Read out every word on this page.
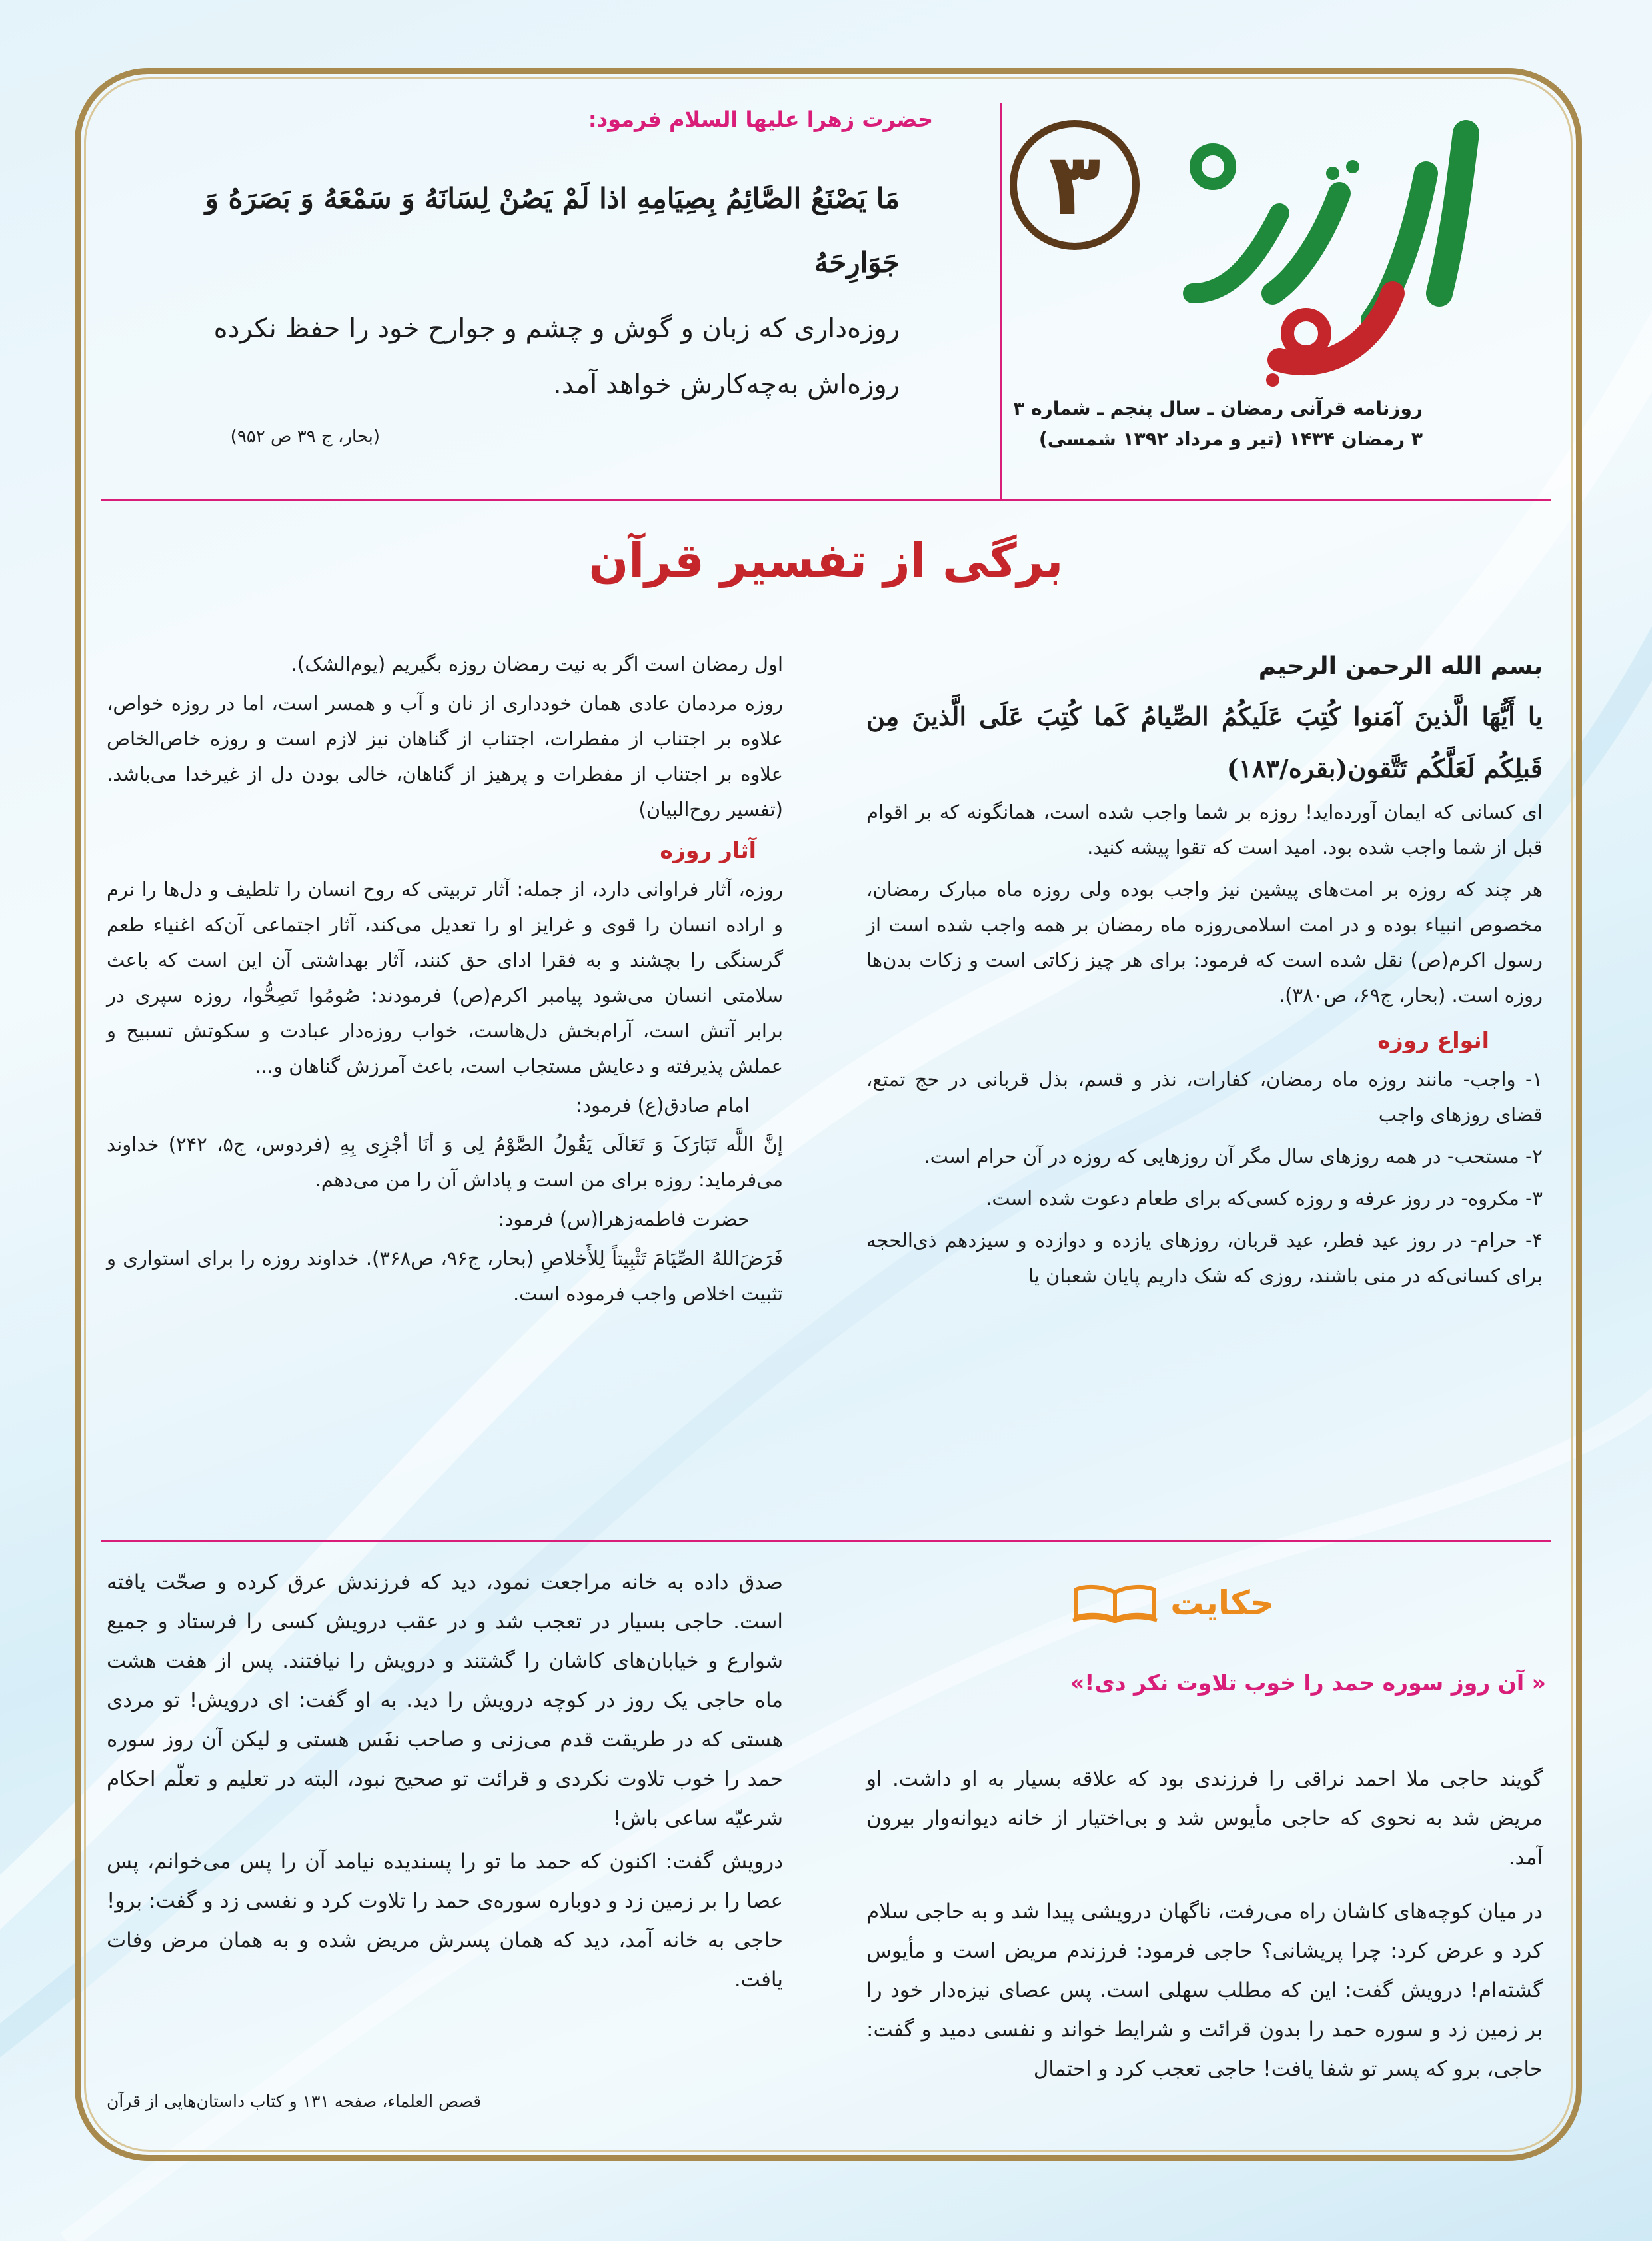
۳
روزنامه قرآنی رمضان ـ سال پنجم ـ شماره ۳
۳ رمضان ۱۴۳۴ (تیر و مرداد ۱۳۹۲ شمسی)
حضرت زهرا علیها السلام فرمود:
مَا یَصْنَعُ الصَّائِمُ بِصِیَامِهِ اذا لَمْ یَصُنْ لِسَانَهُ وَ سَمْعَهُ وَ بَصَرَهُ وَ جَوَارِحَهُ
روزه‌داری که زبان و گوش و چشم و جوارح خود را حفظ نکرده
روزه‌اش به‌چه‌کارش خواهد آمد.
(بحار، ج ۳۹ ص ۹۵۲)
برگی از تفسیر قرآن
بسم الله الرحمن الرحیم

یا أَیُّهَا الَّذینَ آمَنوا کُتِبَ عَلَیکُمُ الصِّیامُ کَما کُتِبَ عَلَی الَّذینَ مِن قَبلِکُم لَعَلَّکُم تَتَّقون(بقره/۱۸۳)

ای کسانی که ایمان آورده‌اید! روزه بر شما واجب شده است، همانگونه که بر اقوام قبل از شما واجب شده بود. امید است که تقوا پیشه کنید.

هر چند که روزه بر امت‌های پیشین نیز واجب بوده ولی روزه ماه مبارک رمضان، مخصوص انبیاء بوده و در امت اسلامی‌روزه ماه رمضان بر همه واجب شده است از رسول اکرم(ص) نقل شده است که فرمود: برای هر چیز زکاتی است و زکات بدن‌ها روزه است. (بحار، ج۶۹، ص۳۸۰).

انواع روزه

۱- واجب- مانند روزه ماه رمضان، کفارات، نذر و قسم، بذل قربانی در حج تمتع، قضای روزهای واجب

۲- مستحب- در همه روزهای سال مگر آن روزهایی که روزه در آن حرام است.

۳- مکروه- در روز عرفه و روزه کسی‌که برای طعام دعوت شده است.

۴- حرام- در روز عید فطر، عید قربان، روزهای یازده و دوازده و سیزدهم ذی‌الحجه برای کسانی‌که در منی باشند، روزی که شک داریم پایان شعبان یا

اول رمضان است اگر به نیت رمضان روزه بگیریم (یوم‌الشک).

روزه مردمان عادی همان خودداری از نان و آب و همسر است، اما در روزه خواص، علاوه بر اجتناب از مفطرات، اجتناب از گناهان نیز لازم است و روزه خاص‌الخاص علاوه بر اجتناب از مفطرات و پرهیز از گناهان، خالی بودن دل از غیرخدا می‌باشد.(تفسیر روح‌البیان)

آثار روزه

روزه، آثار فراوانی دارد، از جمله: آثار تربیتی که روح انسان را تلطیف و دل‌ها را نرم و اراده انسان را قوی و غرایز او را تعدیل می‌کند، آثار اجتماعی آن‌که اغنیاء طعم گرسنگی را بچشند و به فقرا ادای حق کنند، آثار بهداشتی آن این است که باعث سلامتی انسان می‌شود پیامبر اکرم(ص) فرمودند: صُومُوا تَصِحُّوا، روزه سپری در برابر آتش است، آرام‌بخش دل‌هاست، خواب روزه‌دار عبادت و سکوتش تسبیح و عملش پذیرفته و دعایش مستجاب است، باعث آمرزش گناهان و...

امام صادق(ع) فرمود:

إنَّ اللَّه تَبَارَکَ وَ تَعَالَی یَقُولُ الصَّوْمُ لِی وَ أنَا أجْزِی بِهِ (فردوس، ج۵، ۲۴۲) خداوند می‌فرماید: روزه برای من است و پاداش آن را من می‌دهم.

حضرت فاطمه‌زهرا(س) فرمود:

فَرَضَ‌اللهُ الصِّیَامَ تَثْبِیتاً لِلأَخلاصِ (بحار، ج۹۶، ص۳۶۸). خداوند روزه را برای استواری و تثبیت اخلاص واجب فرموده است.

حکایت
« آن روز سوره حمد را خوب تلاوت نکر دی!»

گویند حاجی ملا احمد نراقی را فرزندی بود که علاقه بسیار به او داشت. او مریض شد به نحوی که حاجی مأیوس شد و بی‌اختیار از خانه دیوانه‌وار بیرون آمد.

در میان کوچه‌های کاشان راه می‌رفت، ناگهان درویشی پیدا شد و به حاجی سلام کرد و عرض کرد: چرا پریشانی؟ حاجی فرمود: فرزندم مریض است و مأیوس گشته‌ام! درویش گفت: این که مطلب سهلی است. پس عصای نیزه‌دار خود را بر زمین زد و سوره حمد را بدون قرائت و شرایط خواند و نفسی دمید و گفت: حاجی، برو که پسر تو شفا یافت! حاجی تعجب کرد و احتمال

صدق داده به خانه مراجعت نمود، دید که فرزندش عرق کرده و صحّت یافته است. حاجی بسیار در تعجب شد و در عقب درویش کسی را فرستاد و جمیع شوارع و خیابان‌های کاشان را گشتند و درویش را نیافتند. پس از هفت هشت ماه حاجی یک روز در کوچه درویش را دید. به او گفت: ای درویش! تو مردی هستی که در طریقت قدم می‌زنی و صاحب نفَس هستی و لیکن آن روز سوره حمد را خوب تلاوت نکردی و قرائت تو صحیح نبود، البته در تعلیم و تعلّم احکام شرعیّه ساعی باش!

درویش گفت: اکنون که حمد ما تو را پسندیده نیامد آن را پس می‌خوانم، پس عصا را بر زمین زد و دوباره سوره‌ی حمد را تلاوت کرد و نفسی زد و گفت: برو! حاجی به خانه آمد، دید که همان پسرش مریض شده و به همان مرض وفات یافت.

قصص العلماء، صفحه ۱۳۱ و کتاب داستان‌هایی از قرآن
